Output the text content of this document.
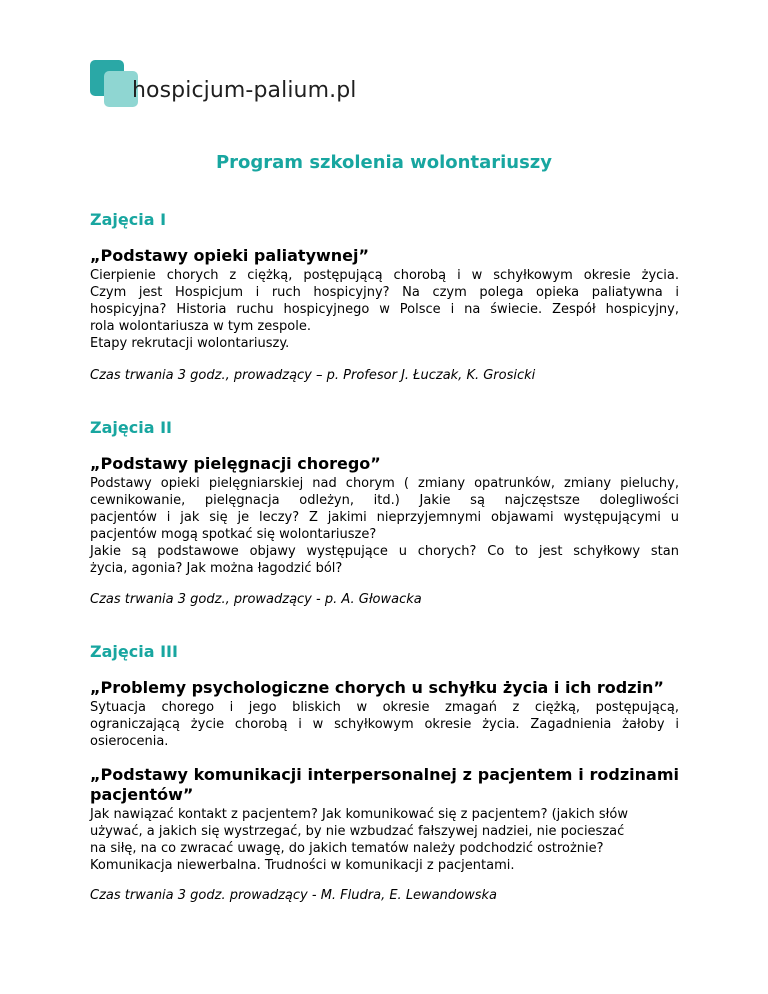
hospicjum-palium.pl
Program szkolenia wolontariuszy
Zajęcia I
„Podstawy opieki paliatywnej”

Cierpienie chorych z ciężką, postępującą chorobą i w schyłkowym okresie życia.

Czym jest Hospicjum i ruch hospicyjny? Na czym polega opieka paliatywna i

hospicyjna? Historia ruchu hospicyjnego w Polsce i na świecie. Zespół hospicyjny,

rola wolontariusza w tym zespole.

Etapy rekrutacji wolontariuszy.

Czas trwania 3 godz., prowadzący – p. Profesor J. Łuczak, K. Grosicki

Zajęcia II
„Podstawy pielęgnacji chorego”

Podstawy opieki pielęgniarskiej nad chorym ( zmiany opatrunków, zmiany pieluchy,

cewnikowanie, pielęgnacja odleżyn, itd.) Jakie są najczęstsze dolegliwości

pacjentów i jak się je leczy? Z jakimi nieprzyjemnymi objawami występującymi u

pacjentów mogą spotkać się wolontariusze?

Jakie są podstawowe objawy występujące u chorych? Co to jest schyłkowy stan

życia, agonia? Jak można łagodzić ból?

Czas trwania 3 godz., prowadzący - p. A. Głowacka

Zajęcia III
„Problemy psychologiczne chorych u schyłku życia i ich rodzin”

Sytuacja chorego i jego bliskich w okresie zmagań z ciężką, postępującą,

ograniczającą życie chorobą i w schyłkowym okresie życia. Zagadnienia żałoby i

osierocenia.

„Podstawy komunikacji interpersonalnej z pacjentem i rodzinami
pacjentów”

Jak nawiązać kontakt z pacjentem? Jak komunikować się z pacjentem? (jakich słów

używać, a jakich się wystrzegać, by nie wzbudzać fałszywej nadziei, nie pocieszać

na siłę, na co zwracać uwagę, do jakich tematów należy podchodzić ostrożnie?

Komunikacja niewerbalna. Trudności w komunikacji z pacjentami.

Czas trwania 3 godz. prowadzący - M. Fludra, E. Lewandowska
